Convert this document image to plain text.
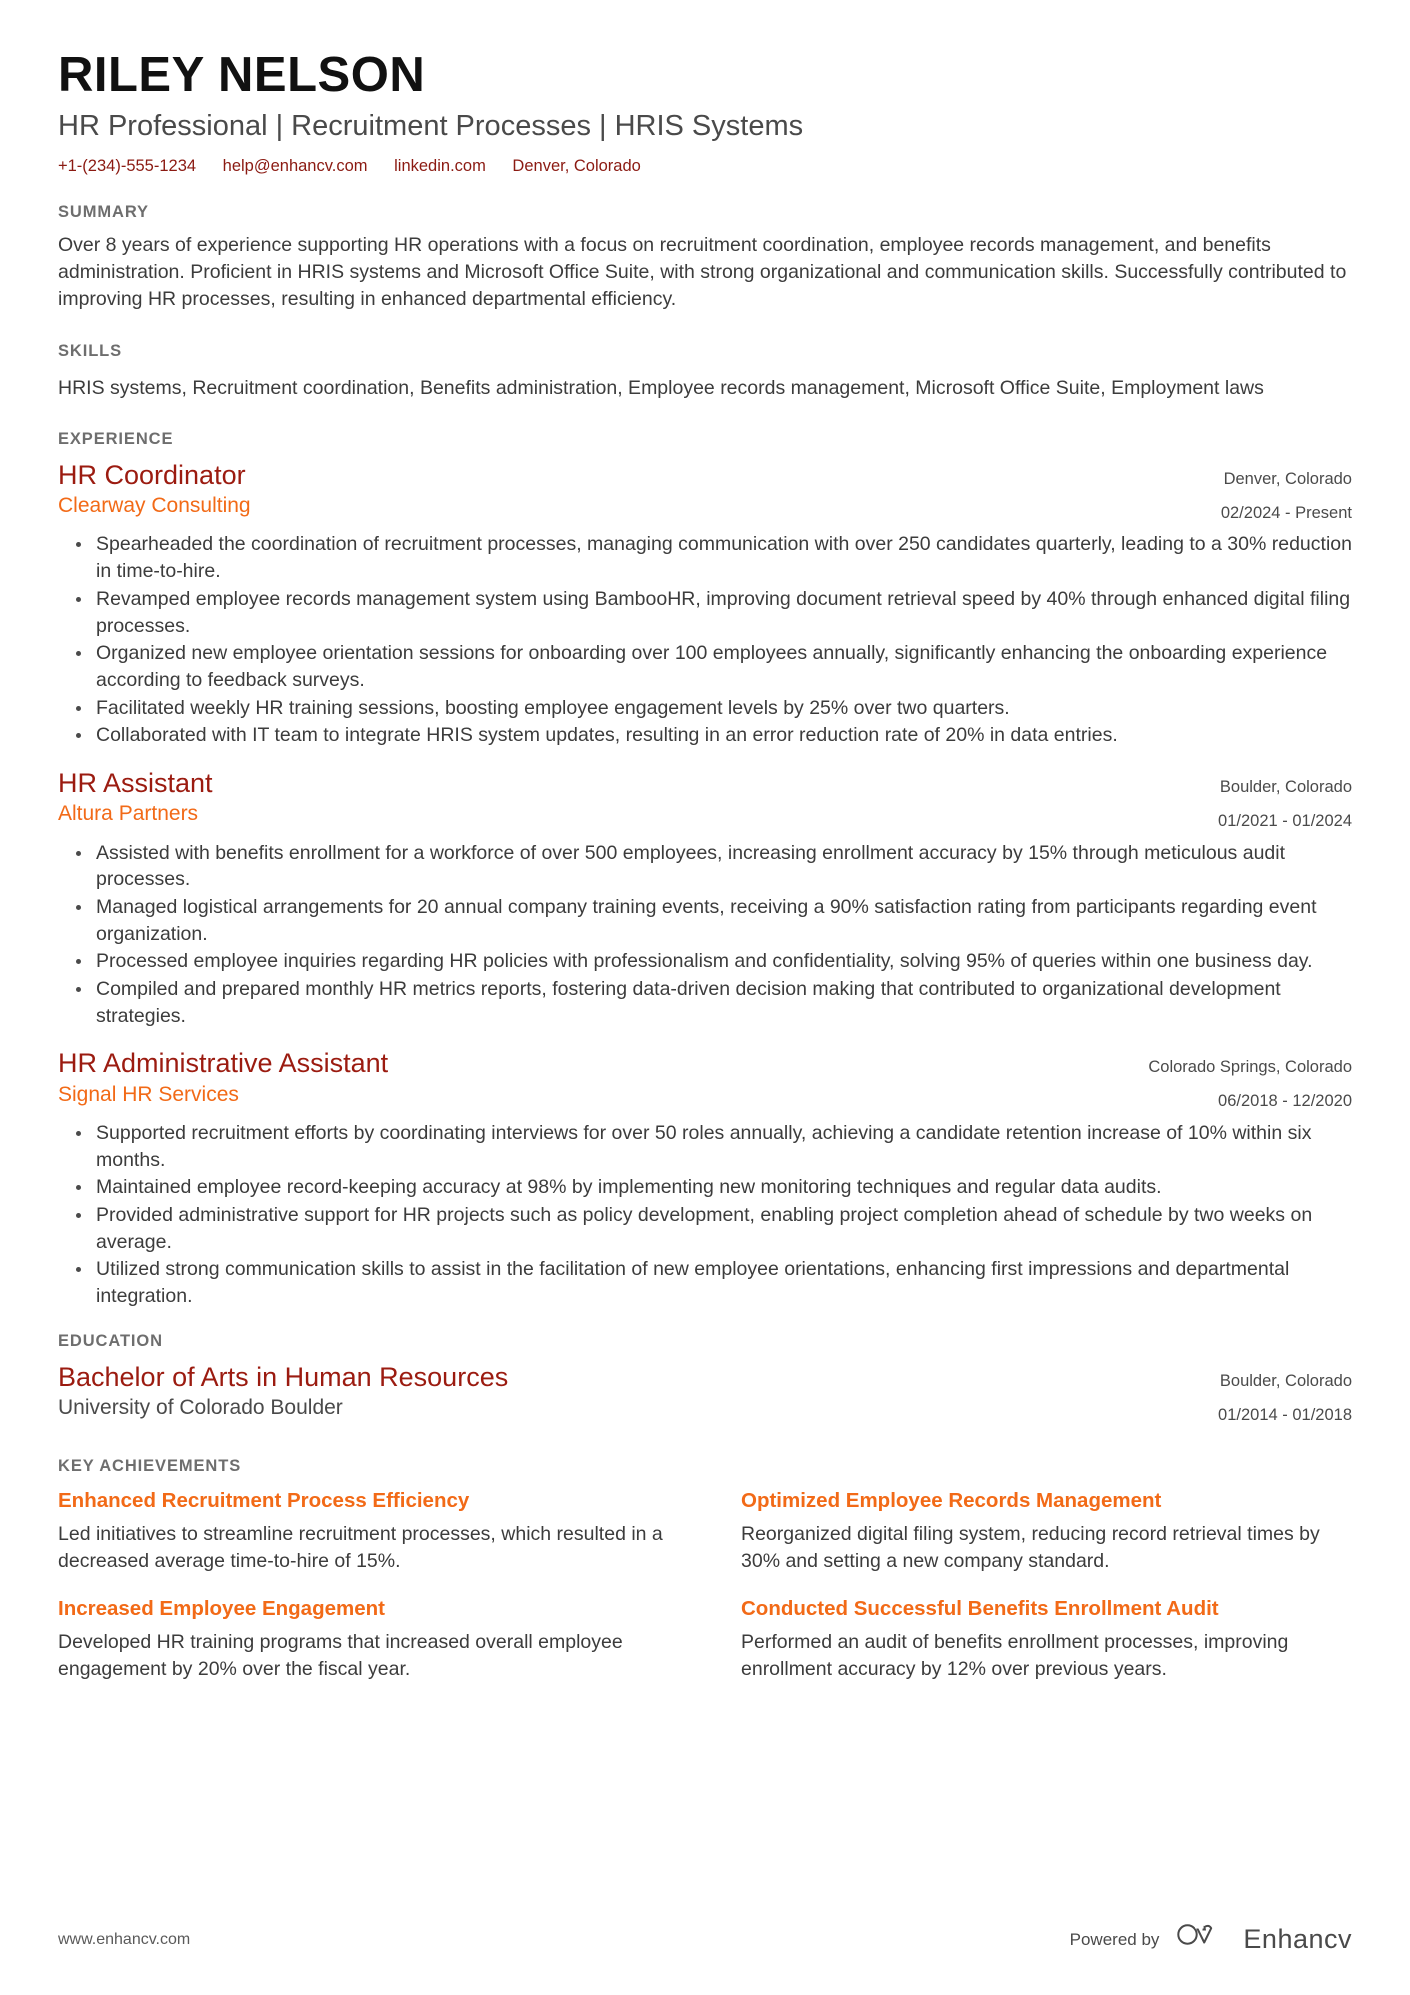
RILEY NELSON
HR Professional | Recruitment Processes | HRIS Systems
+1-(234)-555-1234 help@enhancv.com linkedin.com Denver, Colorado
SUMMARY
Over 8 years of experience supporting HR operations with a focus on recruitment coordination, employee records management, and benefits administration. Proficient in HRIS systems and Microsoft Office Suite, with strong organizational and communication skills. Successfully contributed to improving HR processes, resulting in enhanced departmental efficiency.
SKILLS
HRIS systems, Recruitment coordination, Benefits administration, Employee records management, Microsoft Office Suite, Employment laws
EXPERIENCE
HR Coordinator
Clearway Consulting
Denver, Colorado
02/2024 - Present
Spearheaded the coordination of recruitment processes, managing communication with over 250 candidates quarterly, leading to a 30% reduction in time-to-hire.
Revamped employee records management system using BambooHR, improving document retrieval speed by 40% through enhanced digital filing processes.
Organized new employee orientation sessions for onboarding over 100 employees annually, significantly enhancing the onboarding experience according to feedback surveys.
Facilitated weekly HR training sessions, boosting employee engagement levels by 25% over two quarters.
Collaborated with IT team to integrate HRIS system updates, resulting in an error reduction rate of 20% in data entries.
HR Assistant
Altura Partners
Boulder, Colorado
01/2021 - 01/2024
Assisted with benefits enrollment for a workforce of over 500 employees, increasing enrollment accuracy by 15% through meticulous audit processes.
Managed logistical arrangements for 20 annual company training events, receiving a 90% satisfaction rating from participants regarding event organization.
Processed employee inquiries regarding HR policies with professionalism and confidentiality, solving 95% of queries within one business day.
Compiled and prepared monthly HR metrics reports, fostering data-driven decision making that contributed to organizational development strategies.
HR Administrative Assistant
Signal HR Services
Colorado Springs, Colorado
06/2018 - 12/2020
Supported recruitment efforts by coordinating interviews for over 50 roles annually, achieving a candidate retention increase of 10% within six months.
Maintained employee record-keeping accuracy at 98% by implementing new monitoring techniques and regular data audits.
Provided administrative support for HR projects such as policy development, enabling project completion ahead of schedule by two weeks on average.
Utilized strong communication skills to assist in the facilitation of new employee orientations, enhancing first impressions and departmental integration.
EDUCATION
Bachelor of Arts in Human Resources
University of Colorado Boulder
Boulder, Colorado
01/2014 - 01/2018
KEY ACHIEVEMENTS
Enhanced Recruitment Process Efficiency
Led initiatives to streamline recruitment processes, which resulted in a decreased average time-to-hire of 15%.
Optimized Employee Records Management
Reorganized digital filing system, reducing record retrieval times by 30% and setting a new company standard.
Increased Employee Engagement
Developed HR training programs that increased overall employee engagement by 20% over the fiscal year.
Conducted Successful Benefits Enrollment Audit
Performed an audit of benefits enrollment processes, improving enrollment accuracy by 12% over previous years.
www.enhancv.com	Powered by	Enhancv
